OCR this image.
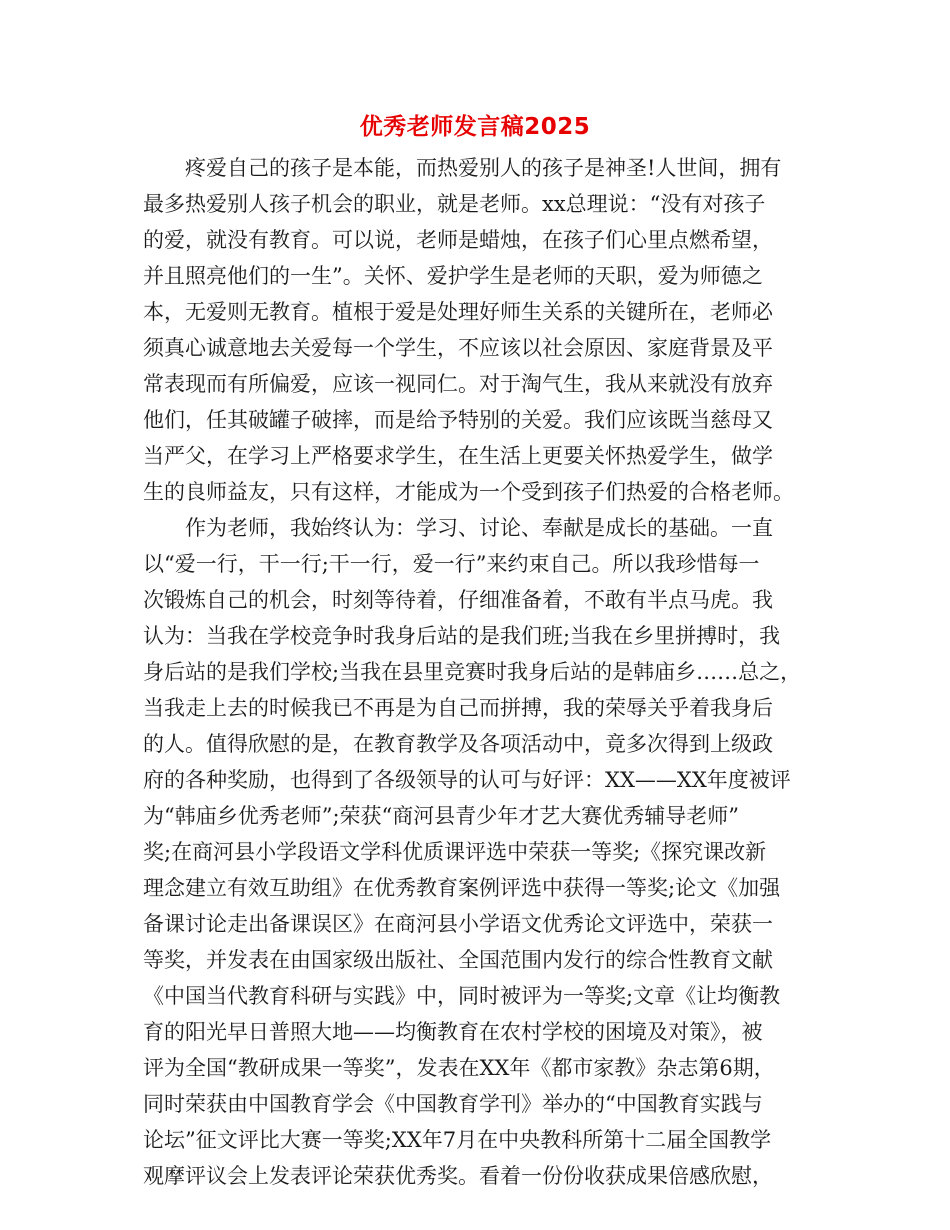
优秀老师发言稿2025
疼爱自己的孩子是本能，而热爱别人的孩子是神圣!人世间，拥有
最多热爱别人孩子机会的职业，就是老师。xx总理说：“没有对孩子
的爱，就没有教育。可以说，老师是蜡烛，在孩子们心里点燃希望，
并且照亮他们的一生”。关怀、爱护学生是老师的天职，爱为师德之
本，无爱则无教育。植根于爱是处理好师生关系的关键所在，老师必
须真心诚意地去关爱每一个学生，不应该以社会原因、家庭背景及平
常表现而有所偏爱，应该一视同仁。对于淘气生，我从来就没有放弃
他们，任其破罐子破摔，而是给予特别的关爱。我们应该既当慈母又
当严父，在学习上严格要求学生，在生活上更要关怀热爱学生，做学
生的良师益友，只有这样，才能成为一个受到孩子们热爱的合格老师。
作为老师，我始终认为：学习、讨论、奉献是成长的基础。一直
以“爱一行，干一行;干一行，爱一行”来约束自己。所以我珍惜每一
次锻炼自己的机会，时刻等待着，仔细准备着，不敢有半点马虎。我
认为：当我在学校竞争时我身后站的是我们班;当我在乡里拼搏时，我
身后站的是我们学校;当我在县里竞赛时我身后站的是韩庙乡……总之，
当我走上去的时候我已不再是为自己而拼搏，我的荣辱关乎着我身后
的人。值得欣慰的是，在教育教学及各项活动中，竟多次得到上级政
府的各种奖励，也得到了各级领导的认可与好评：XX——XX年度被评
为“韩庙乡优秀老师”;荣获“商河县青少年才艺大赛优秀辅导老师”
奖;在商河县小学段语文学科优质课评选中荣获一等奖;《探究课改新
理念建立有效互助组》在优秀教育案例评选中获得一等奖;论文《加强
备课讨论走出备课误区》在商河县小学语文优秀论文评选中，荣获一
等奖，并发表在由国家级出版社、全国范围内发行的综合性教育文献
《中国当代教育科研与实践》中，同时被评为一等奖;文章《让均衡教
育的阳光早日普照大地——均衡教育在农村学校的困境及对策》，被
评为全国“教研成果一等奖”，发表在XX年《都市家教》杂志第6期，
同时荣获由中国教育学会《中国教育学刊》举办的“中国教育实践与
论坛”征文评比大赛一等奖;XX年7月在中央教科所第十二届全国教学
观摩评议会上发表评论荣获优秀奖。看着一份份收获成果倍感欣慰，
